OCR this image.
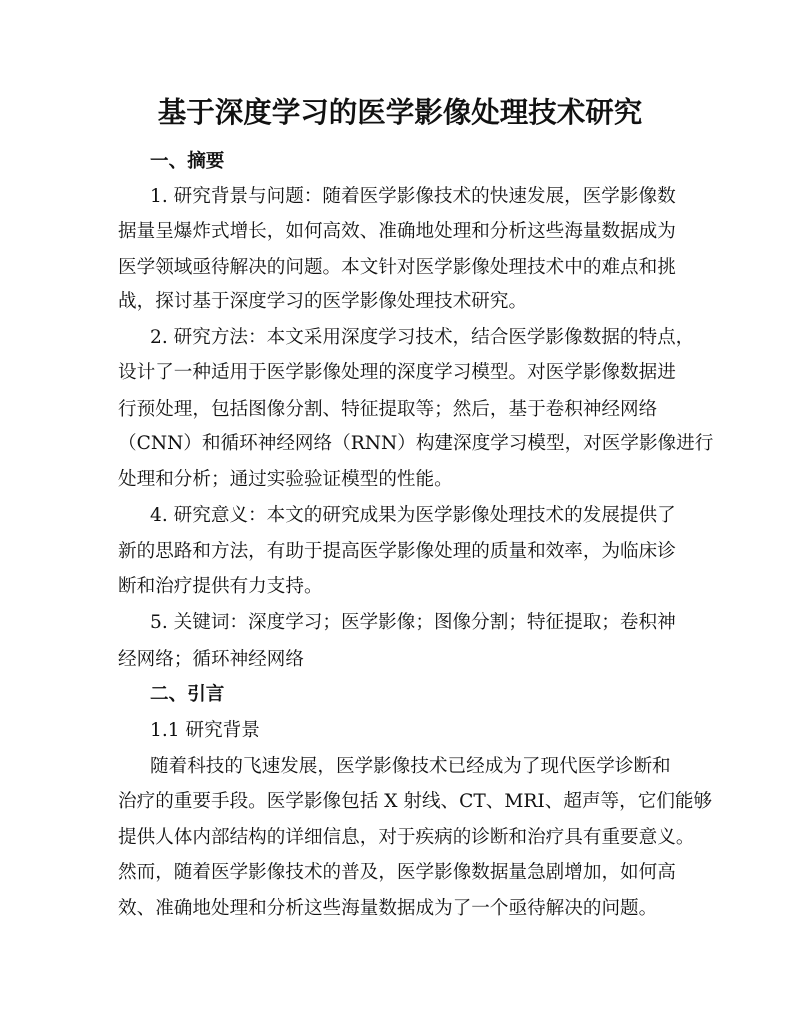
基于深度学习的医学影像处理技术研究
一、摘要
1. 研究背景与问题：随着医学影像技术的快速发展，医学影像数
据量呈爆炸式增长，如何高效、准确地处理和分析这些海量数据成为
医学领域亟待解决的问题。本文针对医学影像处理技术中的难点和挑
战，探讨基于深度学习的医学影像处理技术研究。
2. 研究方法：本文采用深度学习技术，结合医学影像数据的特点，
设计了一种适用于医学影像处理的深度学习模型。对医学影像数据进
行预处理，包括图像分割、特征提取等；然后，基于卷积神经网络
（CNN）和循环神经网络（RNN）构建深度学习模型，对医学影像进行
处理和分析；通过实验验证模型的性能。
4. 研究意义：本文的研究成果为医学影像处理技术的发展提供了
新的思路和方法，有助于提高医学影像处理的质量和效率，为临床诊
断和治疗提供有力支持。
5. 关键词：深度学习；医学影像；图像分割；特征提取；卷积神
经网络；循环神经网络
二、引言
1.1 研究背景
随着科技的飞速发展，医学影像技术已经成为了现代医学诊断和
治疗的重要手段。医学影像包括 X 射线、CT、MRI、超声等，它们能够
提供人体内部结构的详细信息，对于疾病的诊断和治疗具有重要意义。
然而，随着医学影像技术的普及，医学影像数据量急剧增加，如何高
效、准确地处理和分析这些海量数据成为了一个亟待解决的问题。
